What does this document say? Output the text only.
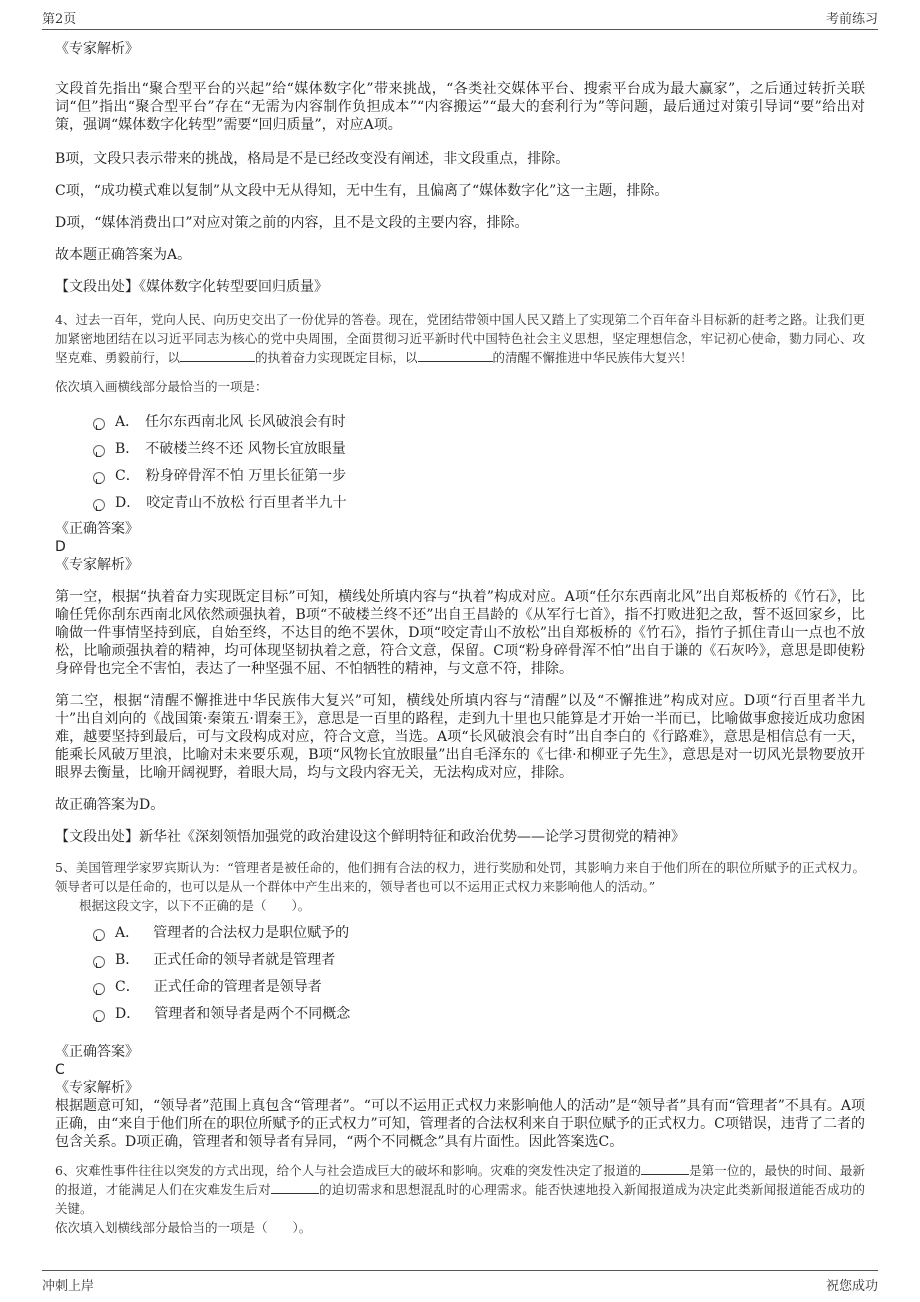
第2页	考前练习

《专家解析》

文段首先指出“聚合型平台的兴起”给“媒体数字化”带来挑战，“各类社交媒体平台、搜索平台成为最大赢家”，之后通过转折关联词“但”指出“聚合型平台”存在“无需为内容制作负担成本”“内容搬运”“最大的套利行为”等问题，最后通过对策引导词“要”给出对策，强调“媒体数字化转型”需要“回归质量”，对应A项。

B项，文段只表示带来的挑战，格局是不是已经改变没有阐述，非文段重点，排除。

C项，“成功模式难以复制”从文段中无从得知，无中生有，且偏离了“媒体数字化”这一主题，排除。

D项，“媒体消费出口”对应对策之前的内容，且不是文段的主要内容，排除。

故本题正确答案为A。

【文段出处】《媒体数字化转型要回归质量》

4、过去一百年，党向人民、向历史交出了一份优异的答卷。现在，党团结带领中国人民又踏上了实现第二个百年奋斗目标新的赶考之路。让我们更加紧密地团结在以习近平同志为核心的党中央周围，全面贯彻习近平新时代中国特色社会主义思想，坚定理想信念，牢记初心使命，勠力同心、攻坚克难、勇毅前行，以	的执着奋力实现既定目标，以	的清醒不懈推进中华民族伟大复兴！

依次填入画横线部分最恰当的一项是：

A． 任尔东西南北风 长风破浪会有时
B． 不破楼兰终不还 风物长宜放眼量
C． 粉身碎骨浑不怕 万里长征第一步
D． 咬定青山不放松 行百里者半九十

《正确答案》

D

《专家解析》

第一空，根据“执着奋力实现既定目标”可知，横线处所填内容与“执着”构成对应。A项“任尔东西南北风”出自郑板桥的《竹石》，比喻任凭你刮东西南北风依然顽强执着，B项“不破楼兰终不还”出自王昌龄的《从军行七首》，指不打败进犯之敌，誓不返回家乡，比喻做一件事情坚持到底，自始至终，不达目的绝不罢休，D项“咬定青山不放松”出自郑板桥的《竹石》，指竹子抓住青山一点也不放松，比喻顽强执着的精神，均可体现坚韧执着之意，符合文意，保留。C项“粉身碎骨浑不怕”出自于谦的《石灰吟》，意思是即使粉身碎骨也完全不害怕，表达了一种坚强不屈、不怕牺牲的精神，与文意不符，排除。

第二空，根据“清醒不懈推进中华民族伟大复兴”可知，横线处所填内容与“清醒”以及“不懈推进”构成对应。D项“行百里者半九十”出自刘向的《战国策·秦策五·谓秦王》，意思是一百里的路程，走到九十里也只能算是才开始一半而已，比喻做事愈接近成功愈困难，越要坚持到最后，可与文段构成对应，符合文意，当选。A项“长风破浪会有时”出自李白的《行路难》，意思是相信总有一天，能乘长风破万里浪，比喻对未来要乐观，B项“风物长宜放眼量”出自毛泽东的《七律·和柳亚子先生》，意思是对一切风光景物要放开眼界去衡量，比喻开阔视野，着眼大局，均与文段内容无关，无法构成对应，排除。

故正确答案为D。

【文段出处】新华社《深刻领悟加强党的政治建设这个鲜明特征和政治优势——论学习贯彻党的精神》

5、美国管理学家罗宾斯认为：“管理者是被任命的，他们拥有合法的权力，进行奖励和处罚，其影响力来自于他们所在的职位所赋予的正式权力。领导者可以是任命的，也可以是从一个群体中产生出来的，领导者也可以不运用正式权力来影响他人的活动。”

根据这段文字，以下不正确的是（　　）。

A． 管理者的合法权力是职位赋予的
B． 正式任命的领导者就是管理者
C． 正式任命的管理者是领导者
D． 管理者和领导者是两个不同概念

《正确答案》

C

《专家解析》

根据题意可知，“领导者”范围上真包含“管理者”。“可以不运用正式权力来影响他人的活动”是“领导者”具有而“管理者”不具有。A项正确，由“来自于他们所在的职位所赋予的正式权力”可知，管理者的合法权利来自于职位赋予的正式权力。C项错误，违背了二者的包含关系。D项正确，管理者和领导者有异同，“两个不同概念”具有片面性。因此答案选C。

6、灾难性事件往往以突发的方式出现，给个人与社会造成巨大的破坏和影响。灾难的突发性决定了报道的	是第一位的，最快的时间、最新的报道，才能满足人们在灾难发生后对	的迫切需求和思想混乱时的心理需求。能否快速地投入新闻报道成为决定此类新闻报道能否成功的关键。

依次填入划横线部分最恰当的一项是（　　）。

冲刺上岸	祝您成功
